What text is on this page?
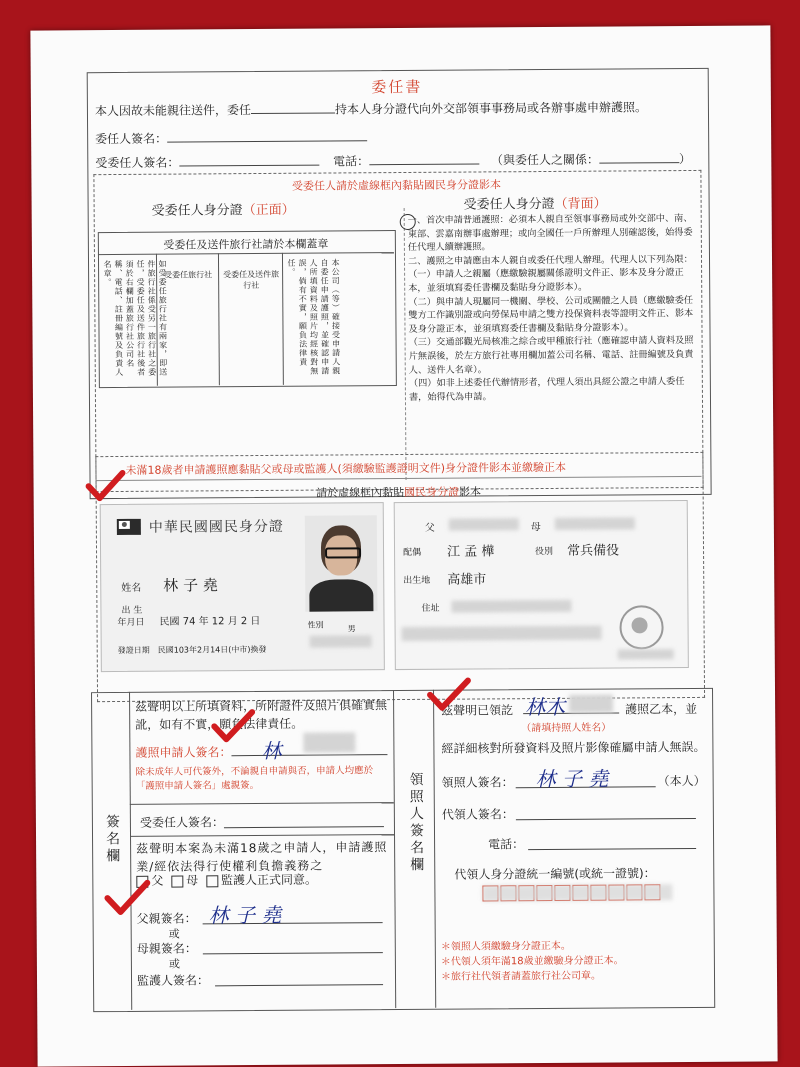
委任書
本人因故未能親往送件，委任	持本人身分證代向外交部領事事務局或各辦事處申辦護照。
委任人簽名：
受委任人簽名：	電話：	（與委任人之關係：	）
受委任人請於虛線框內黏貼國民身分證影本
受委任人身分證（正面）	受委任人身分證（背面）
受委任及送件旅行社請於本欄蓋章
受委任旅行社	受委任及送件旅行社
如受委任旅行社有兩家，即送件旅行社係受另一旅行社之委任，受委任及送件旅行社後者須於右欄加蓋旅行社公司名稱、電話、註冊編號及負責人名章。	本公司（等）確接受申請人親自委任申請護照，並確認申請人所填資料及照片均經核對無誤，倘有不實，願負法律責任。
一、首次申請普通護照：必須本人親自至領事事務局或外交部中、南、東部、雲嘉南辦事處辦理；或向全國任一戶所辦理人別確認後，始得委任代理人續辦護照。
二、護照之申請應由本人親自或委任代理人辦理。代理人以下列為限：
（一）申請人之親屬（應繳驗親屬關係證明文件正、影本及身分證正本，並須填寫委任書欄及黏貼身分證影本）。
（二）與申請人現屬同一機關、學校、公司或團體之人員（應繳驗委任雙方工作識別證或向勞保局申請之雙方投保資料表等證明文件正、影本及身分證正本，並須填寫委任書欄及黏貼身分證影本）。
（三）交通部觀光局核准之綜合或甲種旅行社（應確認申請人資料及照片無誤後，於左方旅行社專用欄加蓋公司名稱、電話、註冊編號及負責人、送件人名章）。
（四）如非上述委任代辦情形者，代理人須出具經公證之申請人委任書，始得代為申請。
未滿18歲者申請護照應黏貼父或母或監護人(須繳驗監護證明文件)身分證件影本並繳驗正本
請於虛線框內黏貼國民身分證影本
中華民國國民身分證
姓名 林 子 堯
出 生
年月日 民國 74 年 12 月 2 日
發證日期 民國103年2月14日(中市)換發
性別	男
父	母
配偶 江 孟 樺	役別 常兵備役
出生地 高雄市
住址
簽名欄	領照人簽名欄
茲聲明以上所填資料，所附證件及照片俱確實無訛，如有不實，願負法律責任。
護照申請人簽名： 林
除未成年人可代簽外，不論親自申請與否，申請人均應於「護照申請人簽名」處親簽。
受委任人簽名：
茲聲明本案為未滿18歲之申請人，申請護照業/經依法得行使權利負擔義務之
父 母 監護人正式同意。
父親簽名： 林 子 堯
或
母親簽名：
或
監護人簽名：
茲聲明已領訖 林木	護照乙本，並
（請填持照人姓名）
經詳細核對所發資料及照片影像確屬申請人無誤。
領照人簽名： 林 子 堯	（本人）
代領人簽名：
電話：
代領人身分證統一編號(或統一證號)：
＊領照人須繳驗身分證正本。
＊代領人須年滿18歲並繳驗身分證正本。
＊旅行社代領者請蓋旅行社公司章。
